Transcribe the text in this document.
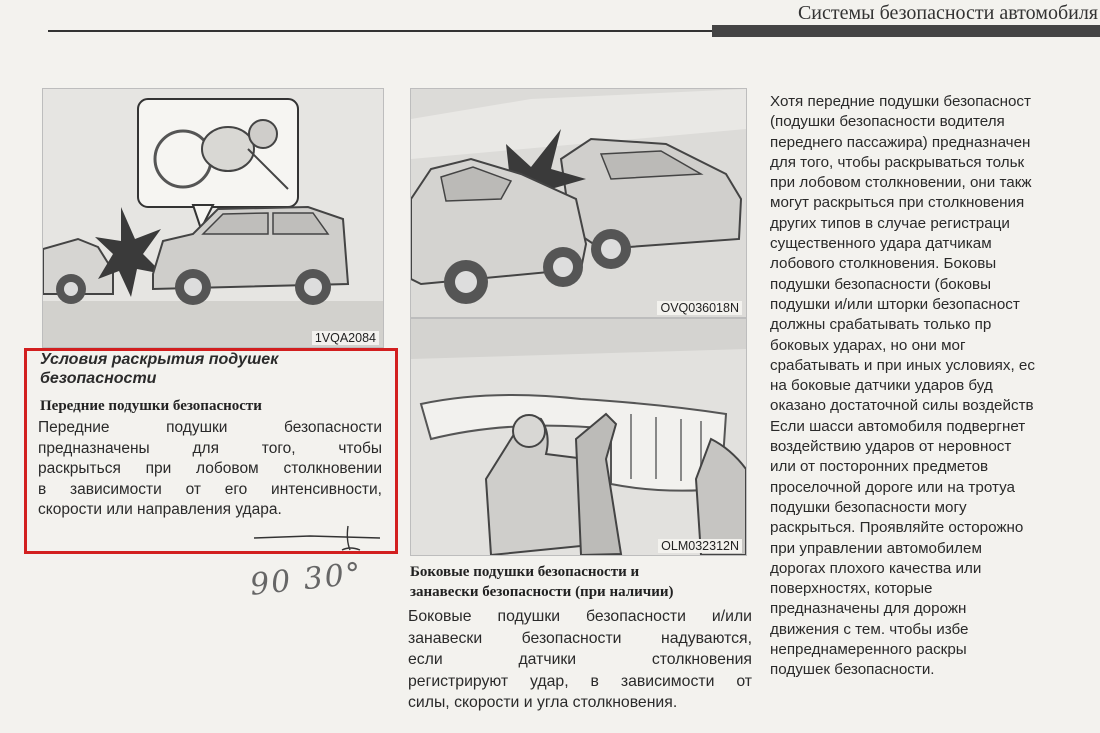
Системы безопасности автомобиля
1VQA2084
OVQ036018N
OLM032312N
Условия раскрытия подушек
безопасности
Передние подушки безопасности
Передние подушки безопасности
предназначены для того, чтобы
раскрыться при лобовом столкновении
в зависимости от его интенсивности,
скорости или направления удара.
90 30°	Боковые подушки безопасности и
занавески безопасности (при наличии)
Боковые подушки безопасности и/или
занавески безопасности надуваются,
если датчики столкновения
регистрируют удар, в зависимости от
силы, скорости и угла столкновения.
Хотя передние подушки безопасност
(подушки безопасности водителя
переднего пассажира) предназначен
для того, чтобы раскрываться тольк
при лобовом столкновении, они такж
могут раскрыться при столкновения
других типов в случае регистраци
существенного удара датчикам
лобового столкновения. Боковы
подушки безопасности (боковы
подушки и/или шторки безопасност
должны срабатывать только пр
боковых ударах, но они мог
срабатывать и при иных условиях, ес
на боковые датчики ударов буд
оказано достаточной силы воздейств
Если шасси автомобиля подвергнет
воздействию ударов от неровност
или от посторонних предметов
проселочной дороге или на тротуа
подушки безопасности могу
раскрыться. Проявляйте осторожно
при управлении автомобилем
дорогах плохого качества или
поверхностях, которые
предназначены для дорожн
движения с тем. чтобы избе
непреднамеренного раскры
подушек безопасности.
